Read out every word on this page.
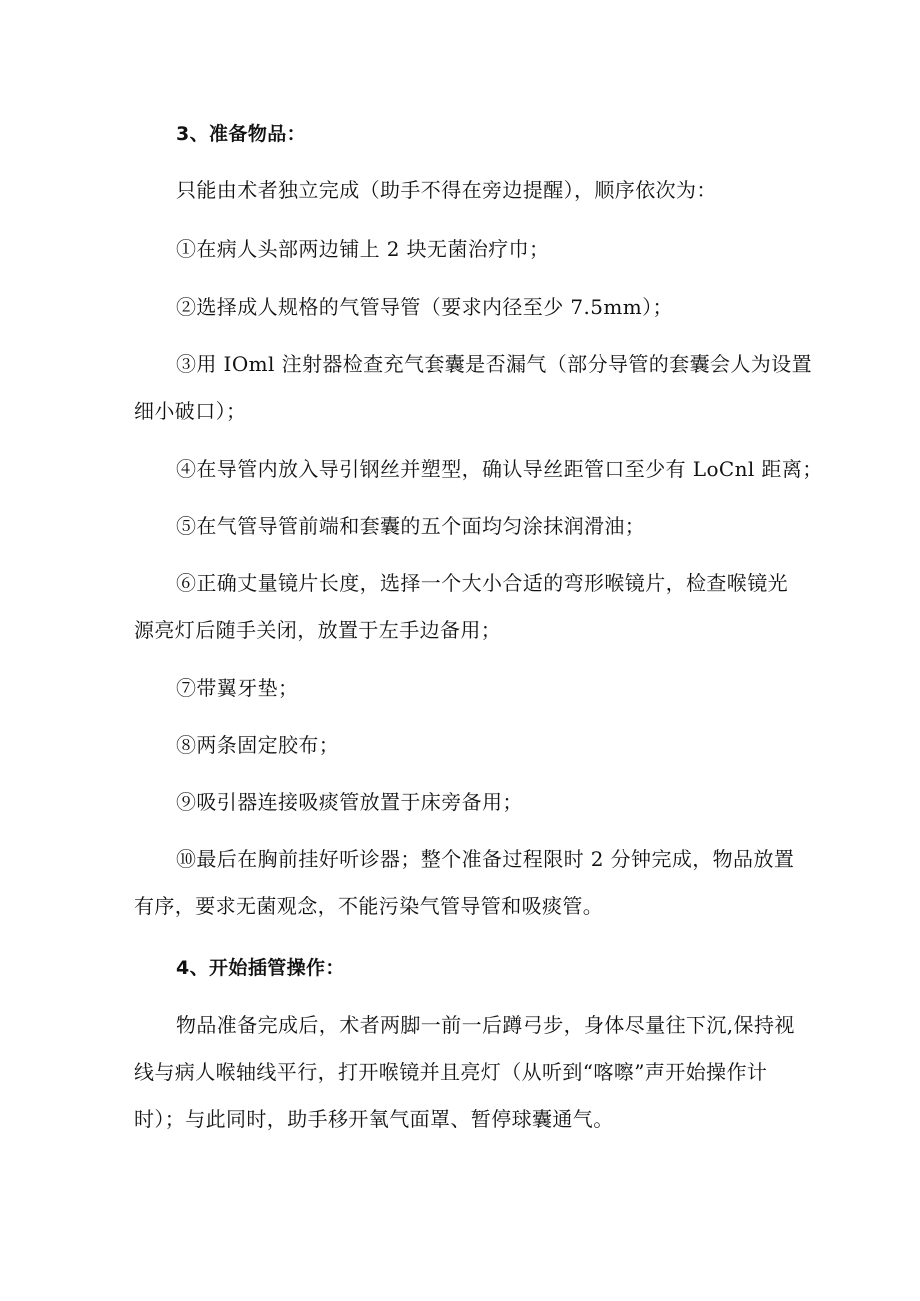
3、准备物品：
只能由术者独立完成（助手不得在旁边提醒），顺序依次为：
①在病人头部两边铺上 2 块无菌治疗巾；
②选择成人规格的气管导管（要求内径至少 7.5mm）；
③用 IOml 注射器检查充气套囊是否漏气（部分导管的套囊会人为设置
细小破口）；
④在导管内放入导引钢丝并塑型，确认导丝距管口至少有 LoCnl 距离；
⑤在气管导管前端和套囊的五个面均匀涂抹润滑油；
⑥正确丈量镜片长度，选择一个大小合适的弯形喉镜片，检查喉镜光
源亮灯后随手关闭，放置于左手边备用；
⑦带翼牙垫；
⑧两条固定胶布；
⑨吸引器连接吸痰管放置于床旁备用；
⑩最后在胸前挂好听诊器；整个准备过程限时 2 分钟完成，物品放置
有序，要求无菌观念，不能污染气管导管和吸痰管。
4、开始插管操作：
物品准备完成后，术者两脚一前一后蹲弓步，身体尽量往下沉,保持视
线与病人喉轴线平行，打开喉镜并且亮灯（从听到“喀嚓”声开始操作计
时）；与此同时，助手移开氧气面罩、暂停球囊通气。
